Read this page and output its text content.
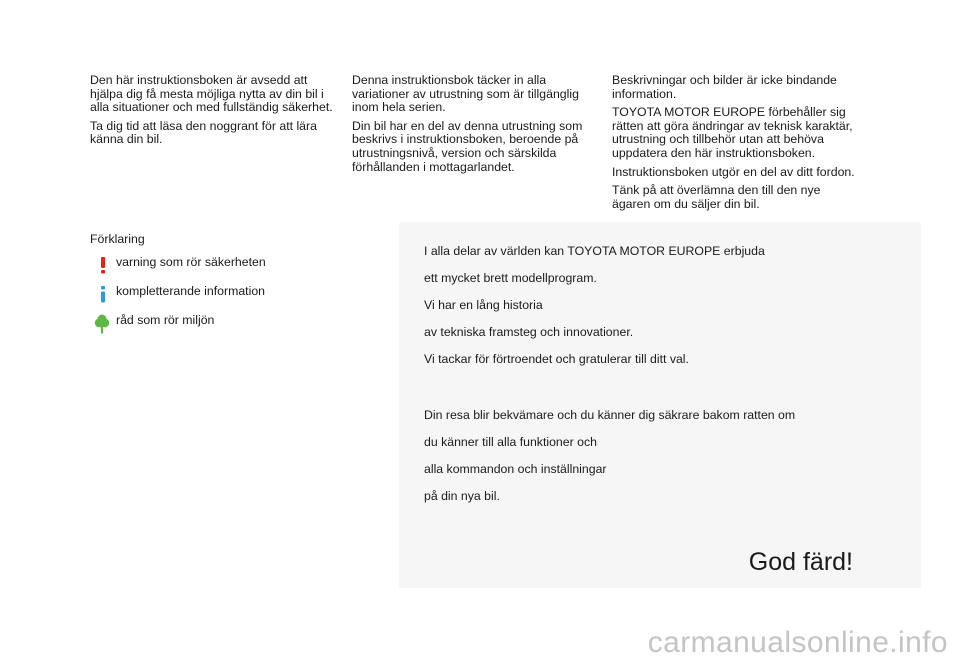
Den här instruktionsboken är avsedd att hjälpa dig få mesta möjliga nytta av din bil i alla situationer och med fullständig säkerhet.

Ta dig tid att läsa den noggrant för att lära känna din bil.

Denna instruktionsbok täcker in alla variationer av utrustning som är tillgänglig inom hela serien.

Din bil har en del av denna utrustning som beskrivs i instruktionsboken, beroende på utrustningsnivå, version och särskilda förhållanden i mottagarlandet.

Beskrivningar och bilder är icke bindande information.

TOYOTA MOTOR EUROPE förbehåller sig rätten att göra ändringar av teknisk karaktär, utrustning och tillbehör utan att behöva uppdatera den här instruktionsboken.

Instruktionsboken utgör en del av ditt fordon.

Tänk på att överlämna den till den nye ägaren om du säljer din bil.

Förklaring
varning som rör säkerheten
kompletterande information
råd som rör miljön
I alla delar av världen kan TOYOTA MOTOR EUROPE erbjuda
ett mycket brett modellprogram.
Vi har en lång historia
av tekniska framsteg och innovationer.
Vi tackar för förtroendet och gratulerar till ditt val.
Din resa blir bekvämare och du känner dig säkrare bakom ratten om
du känner till alla funktioner och
alla kommandon och inställningar
på din nya bil.
God färd!
carmanualsonline.info
